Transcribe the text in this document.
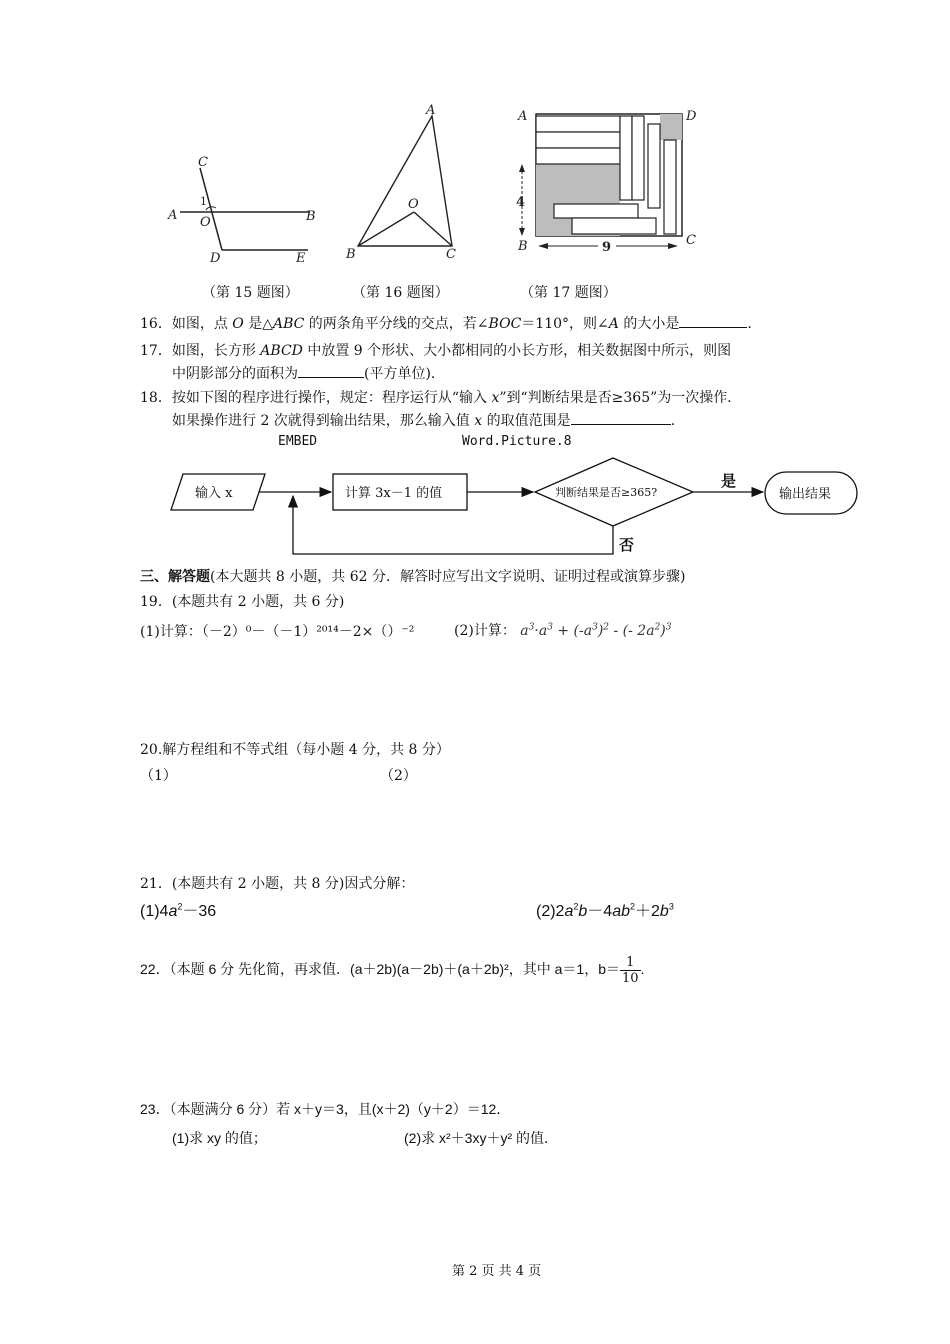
C
A	B
O
1
D	E
（第 15 题图）
A
B	C
O
（第 16 题图）
4
9
A	D
B	C
（第 17 题图）
16．如图，点 O 是△ABC 的两条角平分线的交点，若∠BOC＝110°，则∠A 的大小是	.
17．如图，长方形 ABCD 中放置 9 个形状、大小都相同的小长方形，相关数据图中所示，则图
中阴影部分的面积为	(平方单位)．
18．按如下图的程序进行操作，规定：程序运行从“输入 x”到“判断结果是否≥365”为一次操作．
如果操作进行 2 次就得到输出结果，那么输入值 x 的取值范围是	.
EMBED	Word.Picture.8
输入 x	计算 3x－1 的值	判断结果是否≥365?
是
输出结果
否
三、解答题(本大题共 8 小题，共 62 分．解答时应写出文字说明、证明过程或演算步骤)
19．(本题共有 2 小题，共 6 分)
(1)计算：（－2）⁰－（－1）²⁰¹⁴－2×（）⁻²	(2)计算： $a^3\cdot a^3 + (-a^3)^2$ - (- $2a^2)^3$
20.解方程组和不等式组（每小题 4 分，共 8 分）
（1）	（2）
21．(本题共有 2 小题，共 8 分)因式分解：
$(1)4a^2-36$	$(2)2a^2b-4ab^2+2b^3$
22．（本题 6 分 先化简，再求值．(a＋2b)(a－2b)＋(a＋2b)²，其中 a＝1，$b= \frac{1}{10}$ .
23．（本题满分 6 分）若 x＋y＝3，且(x＋2)（y＋2）＝12．
(1)求 xy 的值；	(2)求 x²＋3xy＋y² 的值．
第 2 页 共 4 页
